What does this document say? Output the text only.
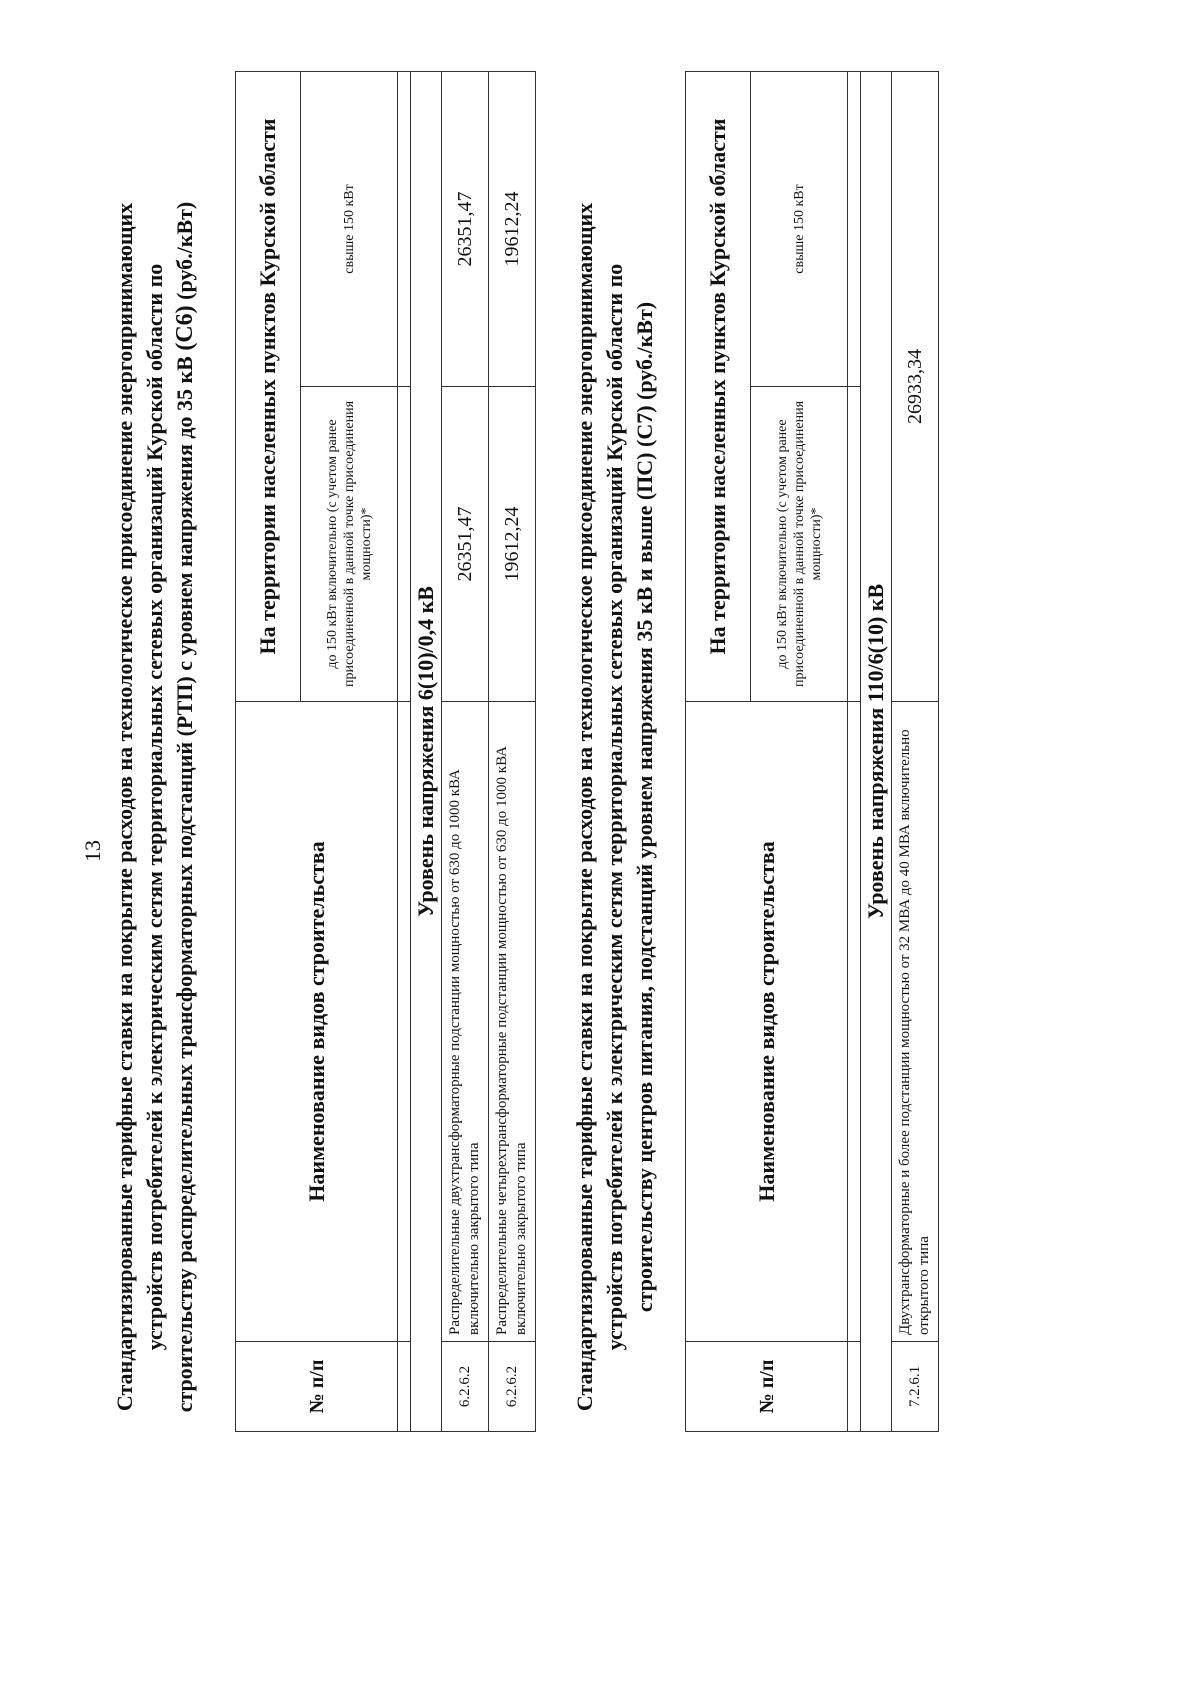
13 Стандартизированные тарифные ставки на покрытие расходов на технологическое присоединение энергопринимающих устройств потребителей к электрическим сетям территориальных сетевых организаций Курской области по строительству распределительных трансформаторных подстанций (РТП) с уровнем напряжения до 35 кВ (С6) (руб./кВт)
№ п/п	Наименование видов строительства	На территории населенных пунктов Курской области	
		до 150 кВт включительно (с учетом ранее присоединенной в данной точке присоединения мощности)*	свыше 150 кВт

Уровень напряжения 6(10)/0,4 кВ			
6.2.6.2	Распределительные двухтрансформаторные подстанции мощностью от 630 до 1000 кВА включительно закрытого типа	26351,47	26351,47
6.2.6.2	Распределительные четырехтрансформаторные подстанции мощностью от 630 до 1000 кВА включительно закрытого типа	19612,24	19612,24 Стандартизированные тарифные ставки на покрытие расходов на технологическое присоединение энергопринимающих устройств потребителей к электрическим сетям территориальных сетевых организаций Курской области по строительству центров питания, подстанций уровнем напряжения 35 кВ и выше (ПС) (С7) (руб./кВт)
№ п/п	Наименование видов строительства	На территории населенных пунктов Курской области	
		до 150 кВт включительно (с учетом ранее присоединенной в данной точке присоединения мощности)*	свыше 150 кВт

Уровень напряжения 110/6(10) кВ			
7.2.6.1	Двухтрансформаторные и более подстанции мощностью от 32 МВА до 40 МВА включительно открытого типа	26933,34	
